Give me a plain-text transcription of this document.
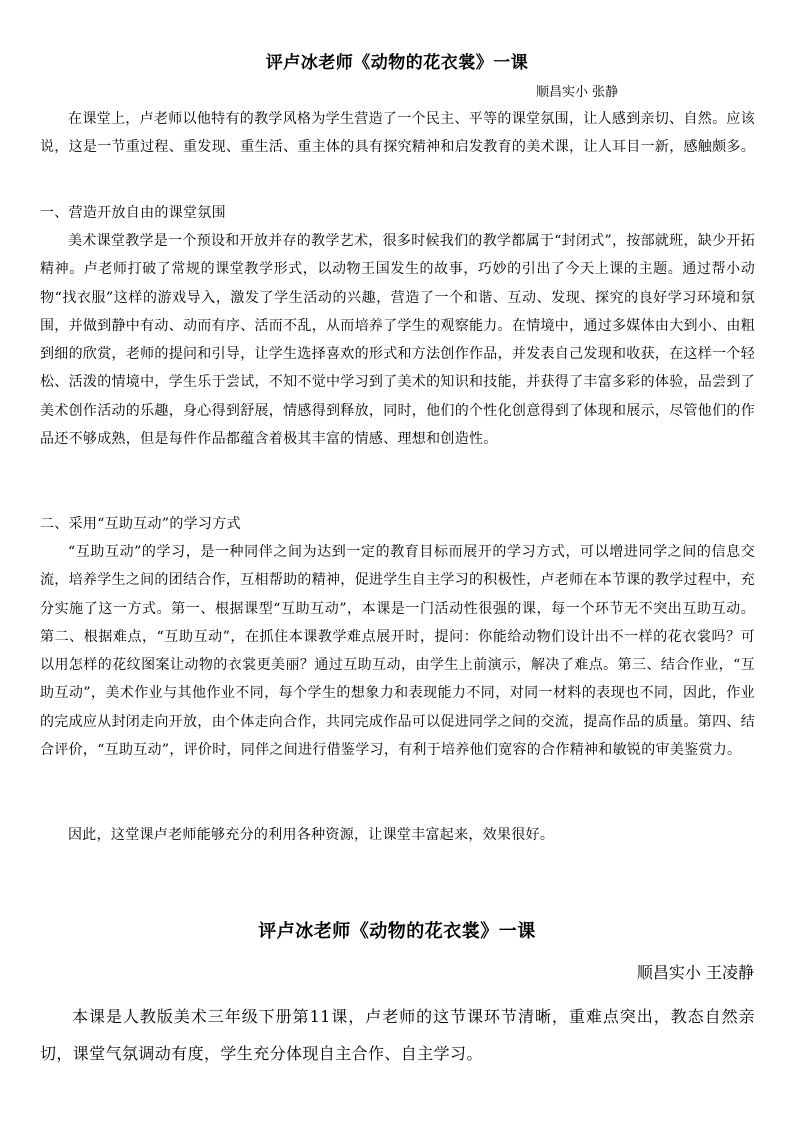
评卢冰老师《动物的花衣裳》一课

顺昌实小 张静

在课堂上，卢老师以他特有的教学风格为学生营造了一个民主、平等的课堂氛围，让人感到亲切、自然。应该说，这是一节重过程、重发现、重生活、重主体的具有探究精神和启发教育的美术课，让人耳目一新，感触颇多。

一、营造开放自由的课堂氛围

美术课堂教学是一个预设和开放并存的教学艺术，很多时候我们的教学都属于“封闭式”，按部就班，缺少开拓精神。卢老师打破了常规的课堂教学形式，以动物王国发生的故事，巧妙的引出了今天上课的主题。通过帮小动物“找衣服”这样的游戏导入，激发了学生活动的兴趣，营造了一个和谐、互动、发现、探究的良好学习环境和氛围，并做到静中有动、动而有序、活而不乱，从而培养了学生的观察能力。在情境中，通过多媒体由大到小、由粗到细的欣赏，老师的提问和引导，让学生选择喜欢的形式和方法创作作品，并发表自己发现和收获，在这样一个轻松、活泼的情境中，学生乐于尝试，不知不觉中学习到了美术的知识和技能，并获得了丰富多彩的体验，品尝到了美术创作活动的乐趣，身心得到舒展，情感得到释放，同时，他们的个性化创意得到了体现和展示，尽管他们的作品还不够成熟，但是每件作品都蕴含着极其丰富的情感、理想和创造性。

二、采用“互助互动”的学习方式

“互助互动”的学习，是一种同伴之间为达到一定的教育目标而展开的学习方式，可以增进同学之间的信息交流，培养学生之间的团结合作，互相帮助的精神，促进学生自主学习的积极性，卢老师在本节课的教学过程中，充分实施了这一方式。第一、根据课型“互助互动”，本课是一门活动性很强的课，每一个环节无不突出互助互动。第二、根据难点，“互助互动”，在抓住本课教学难点展开时，提问：你能给动物们设计出不一样的花衣裳吗？可以用怎样的花纹图案让动物的衣裳更美丽？通过互助互动，由学生上前演示，解决了难点。第三、结合作业，“互助互动”，美术作业与其他作业不同，每个学生的想象力和表现能力不同，对同一材料的表现也不同，因此，作业的完成应从封闭走向开放，由个体走向合作，共同完成作品可以促进同学之间的交流，提高作品的质量。第四、结合评价，“互助互动”，评价时，同伴之间进行借鉴学习，有利于培养他们宽容的合作精神和敏锐的审美鉴赏力。

因此，这堂课卢老师能够充分的利用各种资源，让课堂丰富起来，效果很好。

评卢冰老师《动物的花衣裳》一课

顺昌实小 王凌静

本课是人教版美术三年级下册第11课，卢老师的这节课环节清晰，重难点突出，教态自然亲切，课堂气氛调动有度，学生充分体现自主合作、自主学习。
